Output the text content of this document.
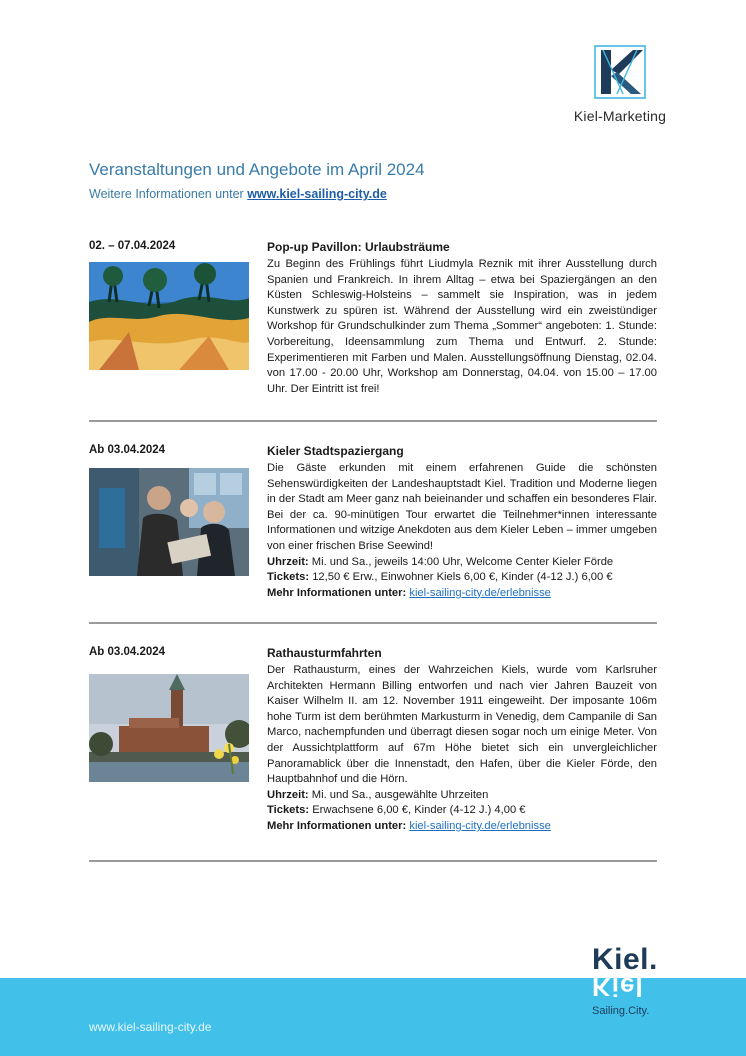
Kiel-Marketing
Veranstaltungen und Angebote im April 2024
Weitere Informationen unter www.kiel-sailing-city.de
02. – 07.04.2024	Pop-up Pavillon: Urlaubsträume

Zu Beginn des Frühlings führt Liudmyla Reznik mit ihrer Ausstellung durch Spanien und Frankreich. In ihrem Alltag – etwa bei Spaziergängen an den Küsten Schleswig-Holsteins – sammelt sie Inspiration, was in jedem Kunstwerk zu spüren ist. Während der Ausstellung wird ein zweistündiger Workshop für Grundschulkinder zum Thema „Sommer“ angeboten: 1. Stunde: Vorbereitung, Ideensammlung zum Thema und Entwurf. 2. Stunde: Experimentieren mit Farben und Malen. Ausstellungsöffnung Dienstag, 02.04. von 17.00 - 20.00 Uhr, Workshop am Donnerstag, 04.04. von 15.00 – 17.00 Uhr. Der Eintritt ist frei!

Ab 03.04.2024	Kieler Stadtspaziergang

Die Gäste erkunden mit einem erfahrenen Guide die schönsten Sehenswürdigkeiten der Landeshauptstadt Kiel. Tradition und Moderne liegen in der Stadt am Meer ganz nah beieinander und schaffen ein besonderes Flair. Bei der ca. 90-minütigen Tour erwartet die Teilnehmer*innen interessante Informationen und witzige Anekdoten aus dem Kieler Leben – immer umgeben von einer frischen Brise Seewind!

Uhrzeit: Mi. und Sa., jeweils 14:00 Uhr, Welcome Center Kieler Förde
Tickets: 12,50 € Erw., Einwohner Kiels 6,00 €, Kinder (4-12 J.) 6,00 €
Mehr Informationen unter: kiel-sailing-city.de/erlebnisse
Ab 03.04.2024	Rathausturmfahrten

Der Rathausturm, eines der Wahrzeichen Kiels, wurde vom Karlsruher Architekten Hermann Billing entworfen und nach vier Jahren Bauzeit von Kaiser Wilhelm II. am 12. November 1911 eingeweiht. Der imposante 106m hohe Turm ist dem berühmten Markusturm in Venedig, dem Campanile di San Marco, nachempfunden und überragt diesen sogar noch um einige Meter. Von der Aussichtplattform auf 67m Höhe bietet sich ein unvergleichlicher Panoramablick über die Innenstadt, den Hafen, über die Kieler Förde, den Hauptbahnhof und die Hörn.

Uhrzeit: Mi. und Sa., ausgewählte Uhrzeiten
Tickets: Erwachsene 6,00 €, Kinder (4-12 J.) 4,00 €
Mehr Informationen unter: kiel-sailing-city.de/erlebnisse
www.kiel-sailing-city.de
Kiel.
Kiel
Sailing.City.
